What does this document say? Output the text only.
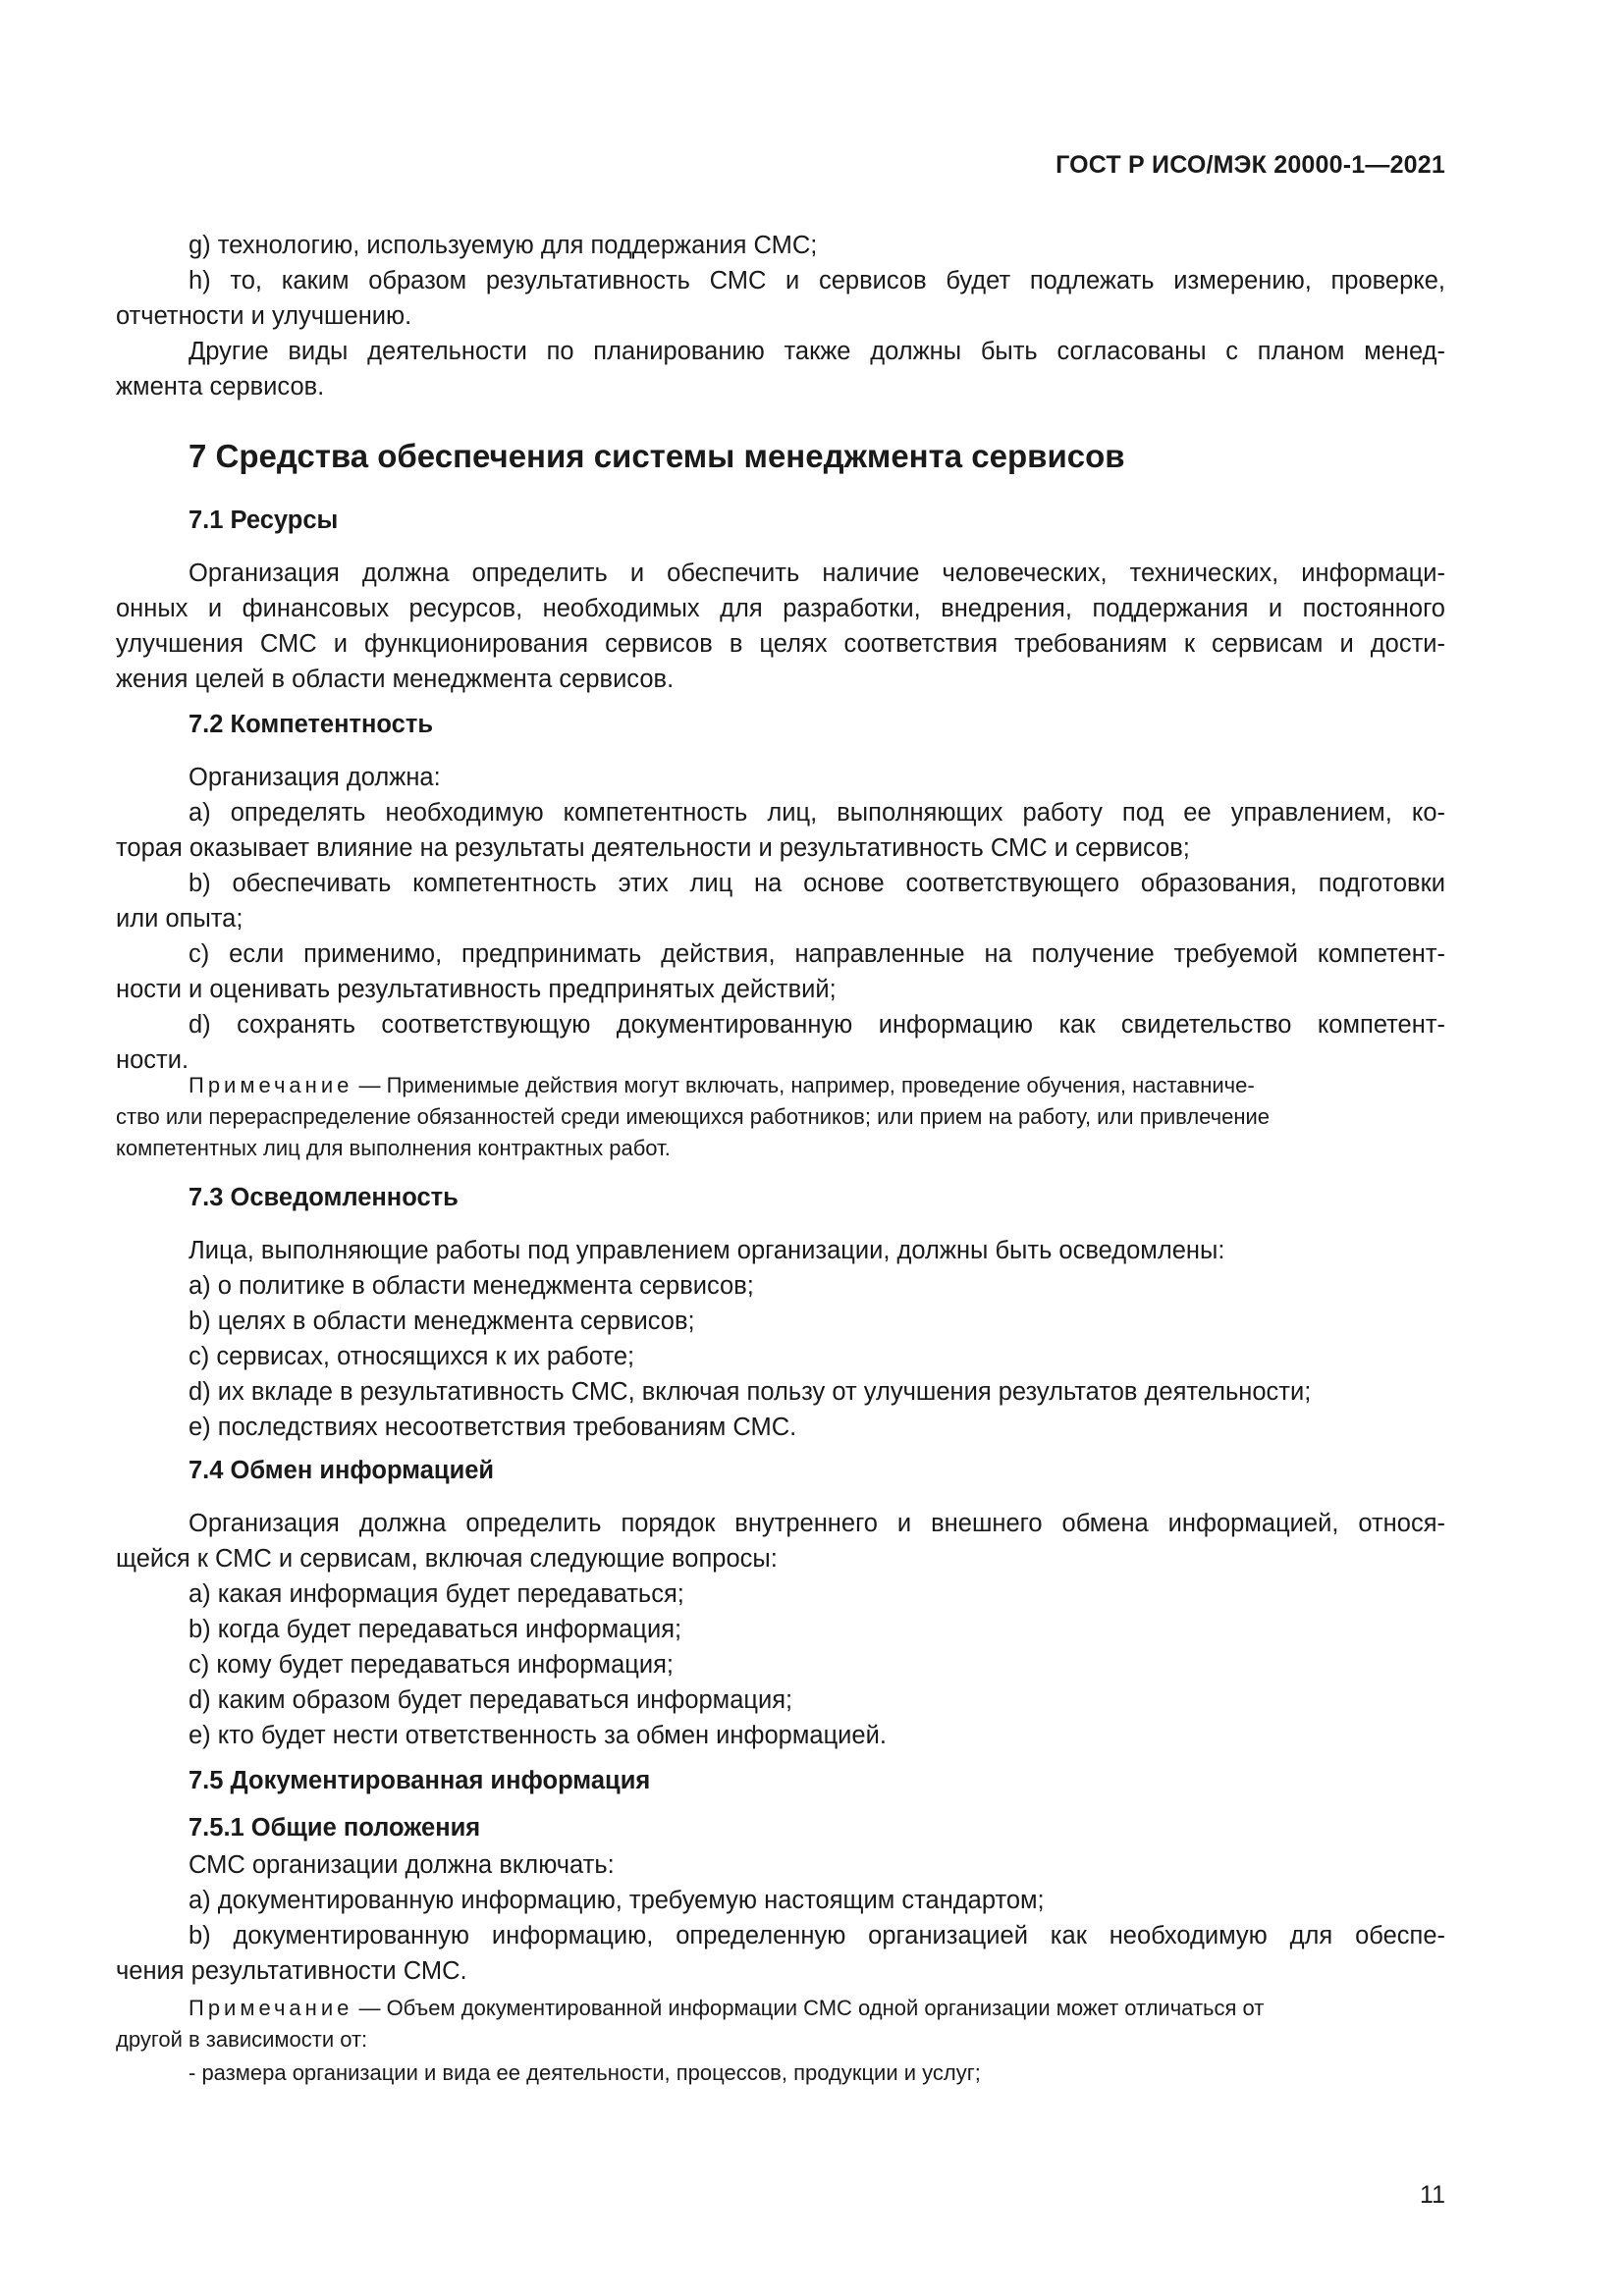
ГОСТ Р ИСО/МЭК 20000-1—2021
g) технологию, используемую для поддержания СМС;
h) то, каким образом результативность СМС и сервисов будет подлежать измерению, проверке,
отчетности и улучшению.
Другие виды деятельности по планированию также должны быть согласованы с планом менед-
жмента сервисов.
7 Средства обеспечения системы менеджмента сервисов
7.1 Ресурсы
Организация должна определить и обеспечить наличие человеческих, технических, информаци-
онных и финансовых ресурсов, необходимых для разработки, внедрения, поддержания и постоянного
улучшения СМС и функционирования сервисов в целях соответствия требованиям к сервисам и дости-
жения целей в области менеджмента сервисов.
7.2 Компетентность
Организация должна:
a) определять необходимую компетентность лиц, выполняющих работу под ее управлением, ко-
торая оказывает влияние на результаты деятельности и результативность СМС и сервисов;
b) обеспечивать компетентность этих лиц на основе соответствующего образования, подготовки
или опыта;
c) если применимо, предпринимать действия, направленные на получение требуемой компетент-
ности и оценивать результативность предпринятых действий;
d) сохранять соответствующую документированную информацию как свидетельство компетент-
ности.
Примечание — Применимые действия могут включать, например, проведение обучения, наставниче-
ство или перераспределение обязанностей среди имеющихся работников; или прием на работу, или привлечение
компетентных лиц для выполнения контрактных работ.
7.3 Осведомленность
Лица, выполняющие работы под управлением организации, должны быть осведомлены:
a) о политике в области менеджмента сервисов;
b) целях в области менеджмента сервисов;
c) сервисах, относящихся к их работе;
d) их вкладе в результативность СМС, включая пользу от улучшения результатов деятельности;
e) последствиях несоответствия требованиям СМС.
7.4 Обмен информацией
Организация должна определить порядок внутреннего и внешнего обмена информацией, относя-
щейся к СМС и сервисам, включая следующие вопросы:
a) какая информация будет передаваться;
b) когда будет передаваться информация;
c) кому будет передаваться информация;
d) каким образом будет передаваться информация;
e) кто будет нести ответственность за обмен информацией.
7.5 Документированная информация
7.5.1 Общие положения
СМС организации должна включать:
a) документированную информацию, требуемую настоящим стандартом;
b) документированную информацию, определенную организацией как необходимую для обеспе-
чения результативности СМС.
Примечание — Объем документированной информации СМС одной организации может отличаться от
другой в зависимости от:
- размера организации и вида ее деятельности, процессов, продукции и услуг;
11
